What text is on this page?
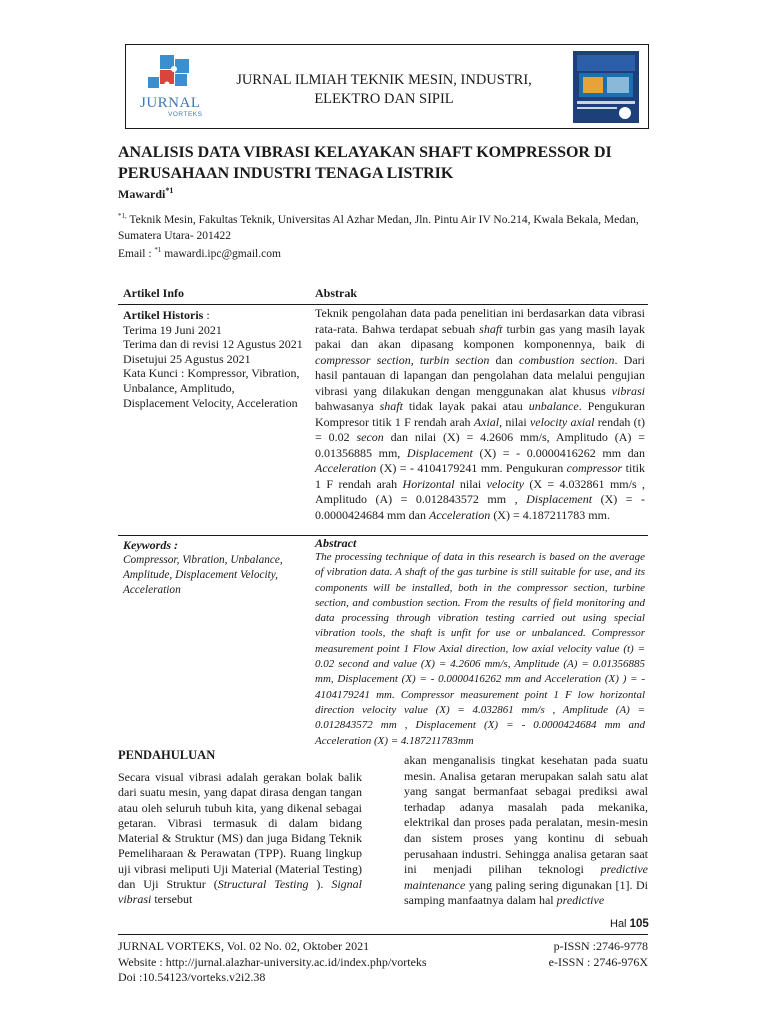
JURNAL
VORTEKS
JURNAL ILMIAH TEKNIK MESIN, INDUSTRI,
ELEKTRO DAN SIPIL
ANALISIS DATA VIBRASI KELAYAKAN SHAFT KOMPRESSOR DI PERUSAHAAN INDUSTRI TENAGA LISTRIK
Mawardi$^{*1}$
$^{*1,}$ Teknik Mesin, Fakultas Teknik, Universitas Al Azhar Medan, Jln. Pintu Air IV No.214, Kwala Bekala, Medan, Sumatera Utara- 201422
Email : $^{*1}$ mawardi.ipc@gmail.com
Artikel Info	Abstrak
Artikel Historis :
Terima 19 Juni 2021
Terima dan di revisi 12 Agustus 2021
Disetujui 25 Agustus 2021
Kata Kunci : Kompressor, Vibration, Unbalance, Amplitudo, Displacement Velocity, Acceleration
Teknik pengolahan data pada penelitian ini berdasarkan data vibrasi rata-rata. Bahwa terdapat sebuah shaft turbin gas yang masih layak pakai dan akan dipasang komponen komponennya, baik di compressor section, turbin section dan combustion section. Dari hasil pantauan di lapangan dan pengolahan data melalui pengujian vibrasi yang dilakukan dengan menggunakan alat khusus vibrasi bahwasanya shaft tidak layak pakai atau unbalance. Pengukuran Kompresor titik 1 F rendah arah Axial, nilai velocity axial rendah (t) = 0.02 secon dan nilai (X) = 4.2606 mm/s, Amplitudo (A) = 0.01356885 mm, Displacement (X) = - 0.0000416262 mm dan Acceleration (X) = - 4104179241 mm. Pengukuran compressor titik 1 F rendah arah Horizontal nilai velocity (X = 4.032861 mm/s , Amplitudo (A) = 0.012843572 mm , Displacement (X) = - 0.0000424684 mm dan Acceleration (X) = 4.187211783 mm.
Keywords :
Compressor, Vibration, Unbalance, Amplitude, Displacement Velocity, Acceleration
Abstract
The processing technique of data in this research is based on the average of vibration data. A shaft of the gas turbine is still suitable for use, and its components will be installed, both in the compressor section, turbine section, and combustion section. From the results of field monitoring and data processing through vibration testing carried out using special vibration tools, the shaft is unfit for use or unbalanced. Compressor measurement point 1 Flow Axial direction, low axial velocity value (t) = 0.02 second and value (X) = 4.2606 mm/s, Amplitude (A) = 0.01356885 mm, Displacement (X) = - 0.0000416262 mm and Acceleration (X) ) = - 4104179241 mm. Compressor measurement point 1 F low horizontal direction velocity value (X) = 4.032861 mm/s , Amplitude (A) = 0.012843572 mm , Displacement (X) = - 0.0000424684 mm and Acceleration (X) = 4.187211783mm
PENDAHULUAN
Secara visual vibrasi adalah gerakan bolak balik dari suatu mesin, yang dapat dirasa dengan tangan atau oleh seluruh tubuh kita, yang dikenal sebagai getaran. Vibrasi termasuk di dalam bidang Material & Struktur (MS) dan juga Bidang Teknik Pemeliharaan & Perawatan (TPP). Ruang lingkup uji vibrasi meliputi Uji Material (Material Testing) dan Uji Struktur (Structural Testing ). Signal vibrasi tersebut
akan menganalisis tingkat kesehatan pada suatu mesin. Analisa getaran merupakan salah satu alat yang sangat bermanfaat sebagai prediksi awal terhadap adanya masalah pada mekanika, elektrikal dan proses pada peralatan, mesin-mesin dan sistem proses yang kontinu di sebuah perusahaan industri. Sehingga analisa getaran saat ini menjadi pilihan teknologi predictive maintenance yang paling sering digunakan [1]. Di samping manfaatnya dalam hal predictive
Hal 105
JURNAL VORTEKS, Vol. 02 No. 02, Oktober 2021
Website : http://jurnal.alazhar-university.ac.id/index.php/vorteks
Doi :10.54123/vorteks.v2i2.38
p-ISSN :2746-9778
e-ISSN : 2746-976X
